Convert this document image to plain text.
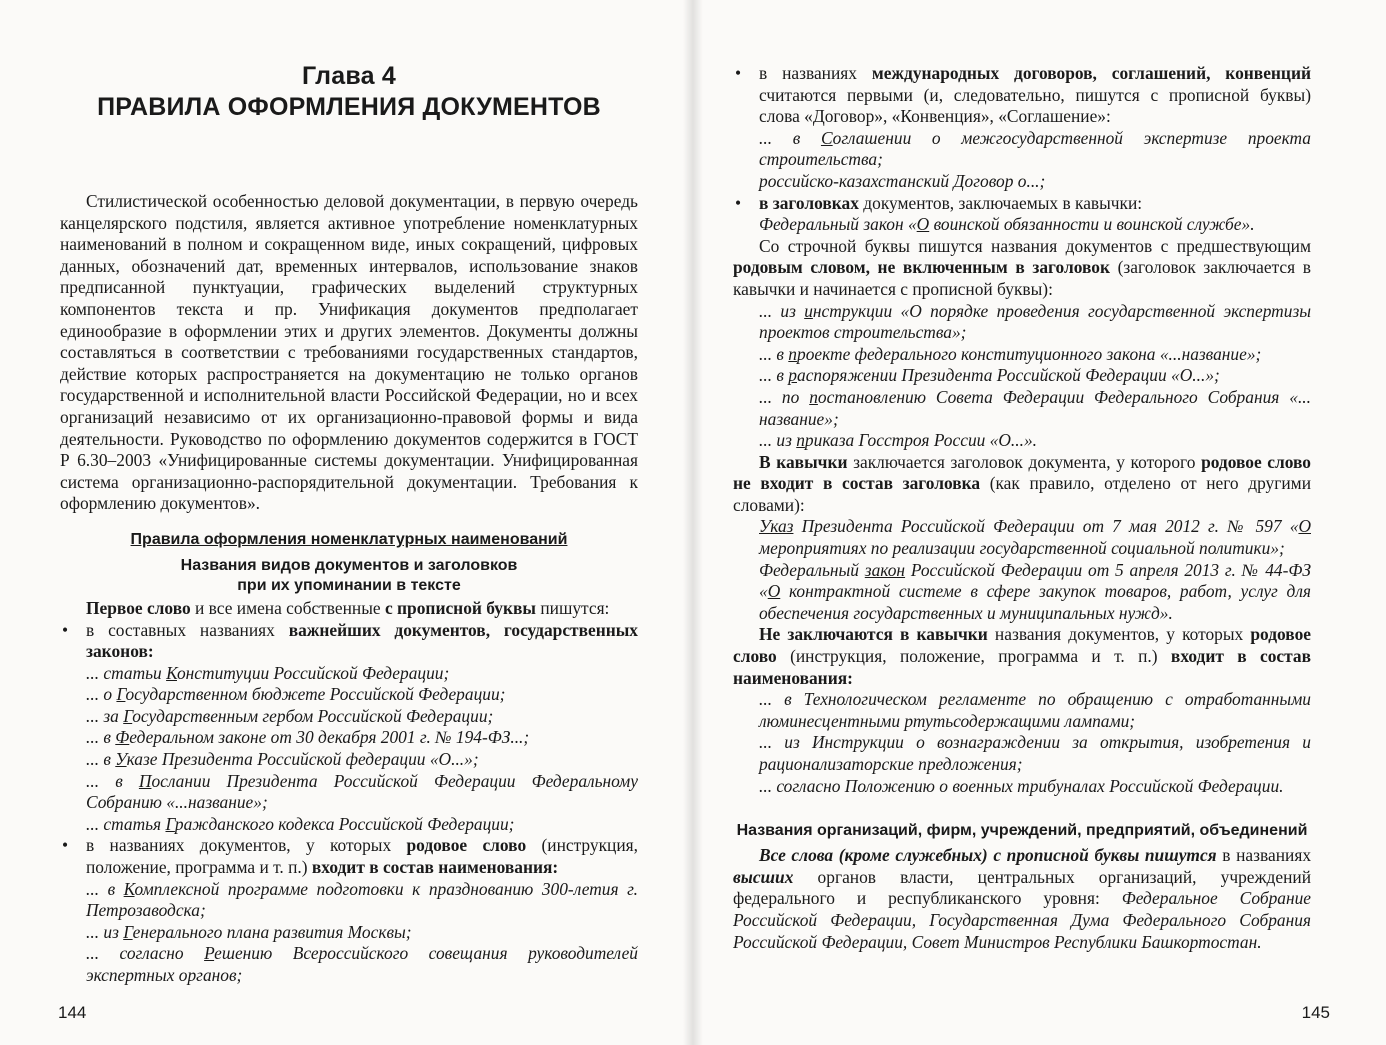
Глава 4
ПРАВИЛА ОФОРМЛЕНИЯ ДОКУМЕНТОВ

Стилистической особенностью деловой документации, в первую очередь канцелярского подстиля, является активное употребление номенклатурных наименований в полном и сокращенном виде, иных сокращений, цифровых данных, обозначений дат, временных интервалов, использование знаков предписанной пунктуации, графических выделений структурных компонентов текста и пр. Унификация документов предполагает единообразие в оформлении этих и других элементов. Документы должны составляться в соответствии с требованиями государственных стандартов, действие которых распространяется на документацию не только органов государственной и исполнительной власти Российской Федерации, но и всех организаций независимо от их организационно-правовой формы и вида деятельности. Руководство по оформлению документов содержится в ГОСТ Р 6.30–2003 «Унифицированные системы документации. Унифицированная система организационно-распорядительной документации. Требования к оформлению документов».

Правила оформления номенклатурных наименований

Названия видов документов и заголовков
при их упоминании в тексте

Первое слово и все имена собственные с прописной буквы пишутся:

• в составных названиях важнейших документов, государственных законов:

... статьи Конституции Российской Федерации;

... о Государственном бюджете Российской Федерации;

... за Государственным гербом Российской Федерации;

... в Федеральном законе от 30 декабря 2001 г. № 194-ФЗ...;

... в Указе Президента Российской федерации «О...»;

... в Послании Президента Российской Федерации Федеральному Собранию «...название»;

... статья Гражданского кодекса Российской Федерации;

• в названиях документов, у которых родовое слово (инструкция, положение, программа и т. п.) входит в состав наименования:

... в Комплексной программе подготовки к празднованию 300-летия г. Петрозаводска;

... из Генерального плана развития Москвы;

... согласно Решению Всероссийского совещания руководителей экспертных органов;

144

• в названиях международных договоров, соглашений, конвенций считаются первыми (и, следовательно, пишутся с прописной буквы) слова «Договор», «Конвенция», «Соглашение»:

... в Соглашении о межгосударственной экспертизе проекта строительства;

российско-казахстанский Договор о...;

• в заголовках документов, заключаемых в кавычки:

Федеральный закон «О воинской обязанности и воинской службе».

Со строчной буквы пишутся названия документов с предшествующим родовым словом, не включенным в заголовок (заголовок заключается в кавычки и начинается с прописной буквы):

... из инструкции «О порядке проведения государственной экспертизы проектов строительства»;

... в проекте федерального конституционного закона «...название»;

... в распоряжении Президента Российской Федерации «О...»;

... по постановлению Совета Федерации Федерального Собрания «... название»;

... из приказа Госстроя России «О...».

В кавычки заключается заголовок документа, у которого родовое слово не входит в состав заголовка (как правило, отделено от него другими словами):

Указ Президента Российской Федерации от 7 мая 2012 г. № 597 «О мероприятиях по реализации государственной социальной политики»;

Федеральный закон Российской Федерации от 5 апреля 2013 г. № 44-ФЗ «О контрактной системе в сфере закупок товаров, работ, услуг для обеспечения государственных и муниципальных нужд».

Не заключаются в кавычки названия документов, у которых родовое слово (инструкция, положение, программа и т. п.) входит в состав наименования:

... в Технологическом регламенте по обращению с отработанными люминесцентными ртутьсодержащими лампами;

... из Инструкции о вознаграждении за открытия, изобретения и рационализаторские предложения;

... согласно Положению о военных трибуналах Российской Федерации.

Названия организаций, фирм, учреждений, предприятий, объединений

Все слова (кроме служебных) с прописной буквы пишутся в названиях высших органов власти, центральных организаций, учреждений федерального и республиканского уровня: Федеральное Собрание Российской Федерации, Государственная Дума Федерального Собрания Российской Федерации, Совет Министров Республики Башкортостан.

145
